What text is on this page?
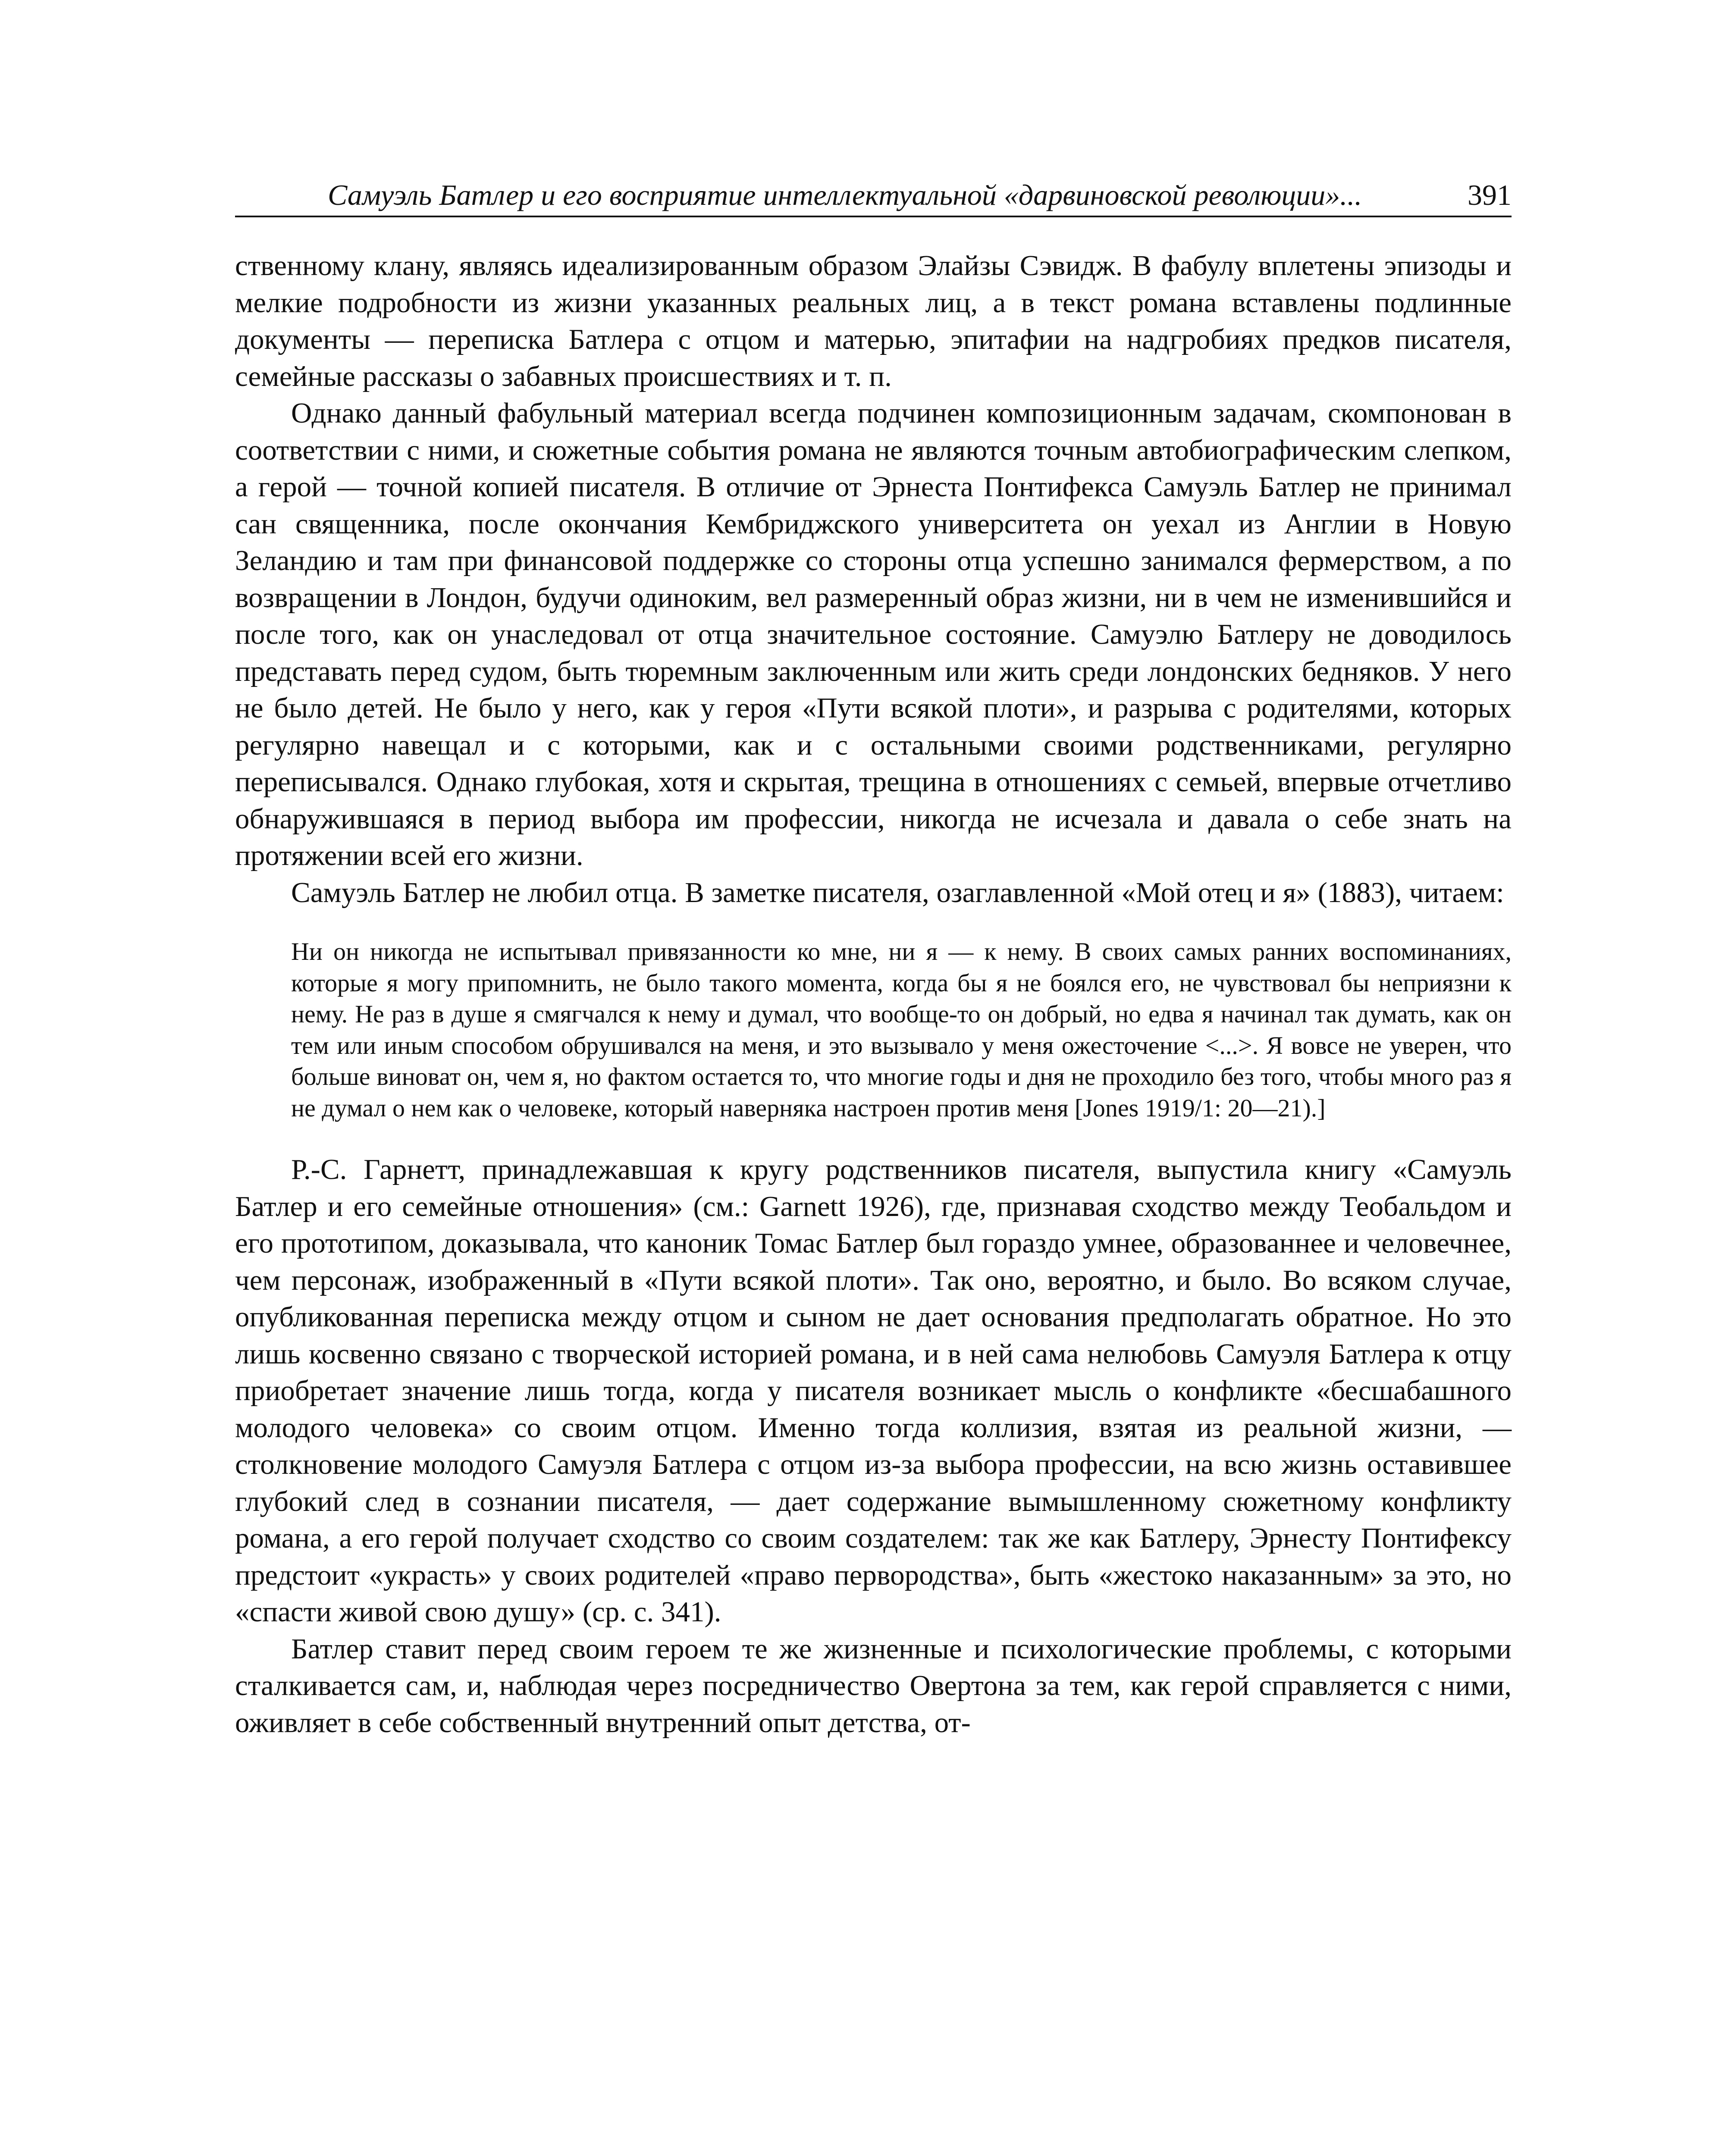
Самуэль Батлер и его восприятие интеллектуальной «дарвиновской революции»...	391

ственному клану, являясь идеализированным образом Элайзы Сэвидж. В фабулу вплетены эпизоды и мелкие подробности из жизни указанных реальных лиц, а в текст романа вставлены подлинные документы — переписка Батлера с отцом и матерью, эпитафии на надгробиях предков писателя, семейные рассказы о забавных происшествиях и т. п.

Однако данный фабульный материал всегда подчинен композиционным задачам, скомпонован в соответствии с ними, и сюжетные события романа не являются точным автобиографическим слепком, а герой — точной копией писателя. В отличие от Эрнеста Понтифекса Самуэль Батлер не принимал сан священника, после окончания Кембриджского университета он уехал из Англии в Новую Зеландию и там при финансовой поддержке со стороны отца успешно занимался фермерством, а по возвращении в Лондон, будучи одиноким, вел размеренный образ жизни, ни в чем не изменившийся и после того, как он унаследовал от отца значительное состояние. Самуэлю Батлеру не доводилось представать перед судом, быть тюремным заключенным или жить среди лондонских бедняков. У него не было детей. Не было у него, как у героя «Пути всякой плоти», и разрыва с родителями, которых регулярно навещал и с которыми, как и с остальными своими родственниками, регулярно переписывался. Однако глубокая, хотя и скрытая, трещина в отношениях с семьей, впервые отчетливо обнаружившаяся в период выбора им профессии, никогда не исчезала и давала о себе знать на протяжении всей его жизни.

Самуэль Батлер не любил отца. В заметке писателя, озаглавленной «Мой отец и я» (1883), читаем:

Ни он никогда не испытывал привязанности ко мне, ни я — к нему. В своих самых ранних воспоминаниях, которые я могу припомнить, не было такого момента, когда бы я не боялся его, не чувствовал бы неприязни к нему. Не раз в душе я смягчался к нему и думал, что вообще-то он добрый, но едва я начинал так думать, как он тем или иным способом обрушивался на меня, и это вызывало у меня ожесточение <...>. Я вовсе не уверен, что больше виноват он, чем я, но фактом остается то, что многие годы и дня не проходило без того, чтобы много раз я не думал о нем как о человеке, который наверняка настроен против меня [Jones 1919/1: 20—21).]

Р.-С. Гарнетт, принадлежавшая к кругу родственников писателя, выпустила книгу «Самуэль Батлер и его семейные отношения» (см.: Garnett 1926), где, признавая сходство между Теобальдом и его прототипом, доказывала, что каноник Томас Батлер был гораздо умнее, образованнее и человечнее, чем персонаж, изображенный в «Пути всякой плоти». Так оно, вероятно, и было. Во всяком случае, опубликованная переписка между отцом и сыном не дает основания предполагать обратное. Но это лишь косвенно связано с творческой историей романа, и в ней сама нелюбовь Самуэля Батлера к отцу приобретает значение лишь тогда, когда у писателя возникает мысль о конфликте «бесшабашного молодого человека» со своим отцом. Именно тогда коллизия, взятая из реальной жизни, — столкновение молодого Самуэля Батлера с отцом из-за выбора профессии, на всю жизнь оставившее глубокий след в сознании писателя, — дает содержание вымышленному сюжетному конфликту романа, а его герой получает сходство со своим создателем: так же как Батлеру, Эрнесту Понтифексу предстоит «украсть» у своих родителей «право первородства», быть «жестоко наказанным» за это, но «спасти живой свою душу» (ср. с. 341).

Батлер ставит перед своим героем те же жизненные и психологические проблемы, с которыми сталкивается сам, и, наблюдая через посредничество Овертона за тем, как герой справляется с ними, оживляет в себе собственный внутренний опыт детства, от-
